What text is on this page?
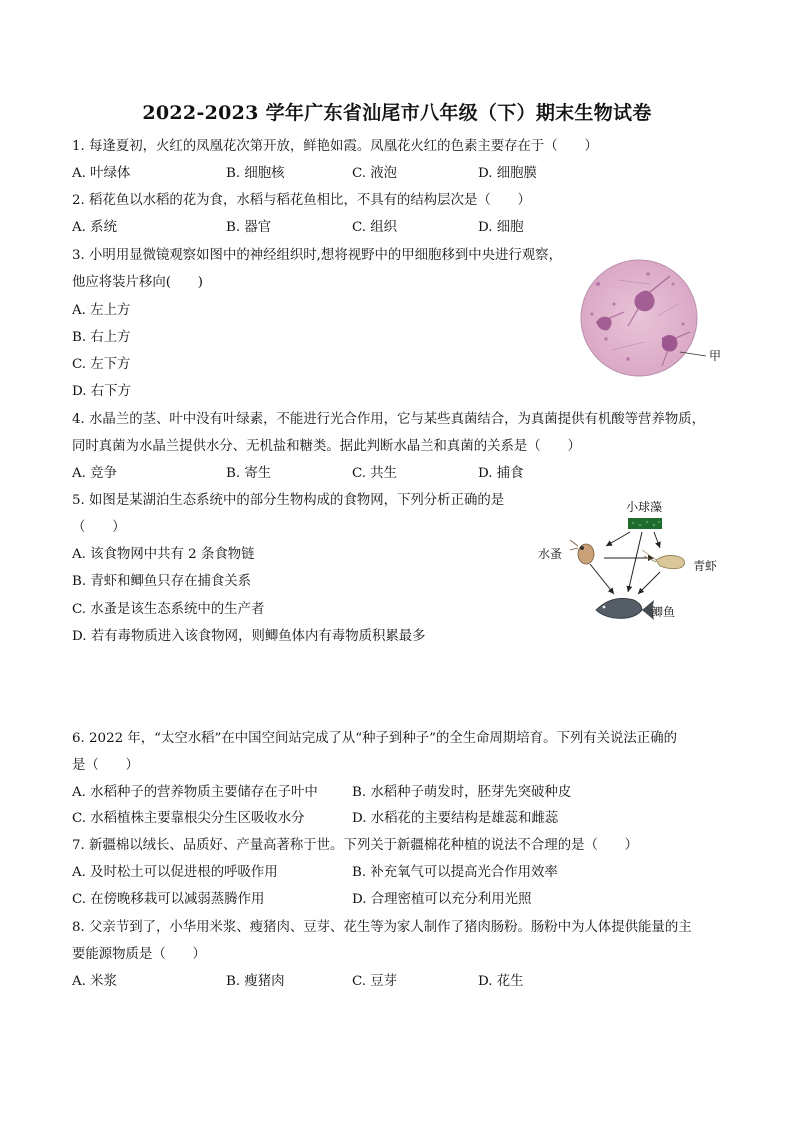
2022-2023 学年广东省汕尾市八年级（下）期末生物试卷
1. 每逢夏初，火红的凤凰花次第开放，鲜艳如霞。凤凰花火红的色素主要存在于（　　）
A. 叶绿体	B. 细胞核	C. 液泡	D. 细胞膜
2. 稻花鱼以水稻的花为食，水稻与稻花鱼相比，不具有的结构层次是（　　）
A. 系统	B. 器官	C. 组织	D. 细胞
3. 小明用显微镜观察如图中的神经组织时,想将视野中的甲细胞移到中央进行观察，
他应将装片移向(　　)
A. 左上方
B. 右上方
C. 左下方
D. 右下方
甲
4. 水晶兰的茎、叶中没有叶绿素，不能进行光合作用，它与某些真菌结合，为真菌提供有机酸等营养物质，
同时真菌为水晶兰提供水分、无机盐和糖类。据此判断水晶兰和真菌的关系是（　　）
A. 竞争	B. 寄生	C. 共生	D. 捕食
5. 如图是某湖泊生态系统中的部分生物构成的食物网，下列分析正确的是
（　　）
A. 该食物网中共有 2 条食物链
B. 青虾和鲫鱼只存在捕食关系
C. 水蚤是该生态系统中的生产者
D. 若有毒物质进入该食物网，则鲫鱼体内有毒物质积累最多
小球藻
水蚤
青虾
鲫鱼
6. 2022 年，“太空水稻”在中国空间站完成了从“种子到种子”的全生命周期培育。下列有关说法正确的
是（　　）
A. 水稻种子的营养物质主要储存在子叶中	B. 水稻种子萌发时，胚芽先突破种皮
C. 水稻植株主要靠根尖分生区吸收水分	D. 水稻花的主要结构是雄蕊和雌蕊
7. 新疆棉以绒长、品质好、产量高著称于世。下列关于新疆棉花种植的说法不合理的是（　　）
A. 及时松土可以促进根的呼吸作用	B. 补充氧气可以提高光合作用效率
C. 在傍晚移栽可以减弱蒸腾作用	D. 合理密植可以充分利用光照
8. 父亲节到了，小华用米浆、瘦猪肉、豆芽、花生等为家人制作了猪肉肠粉。肠粉中为人体提供能量的主
要能源物质是（　　）
A. 米浆	B. 瘦猪肉	C. 豆芽	D. 花生
